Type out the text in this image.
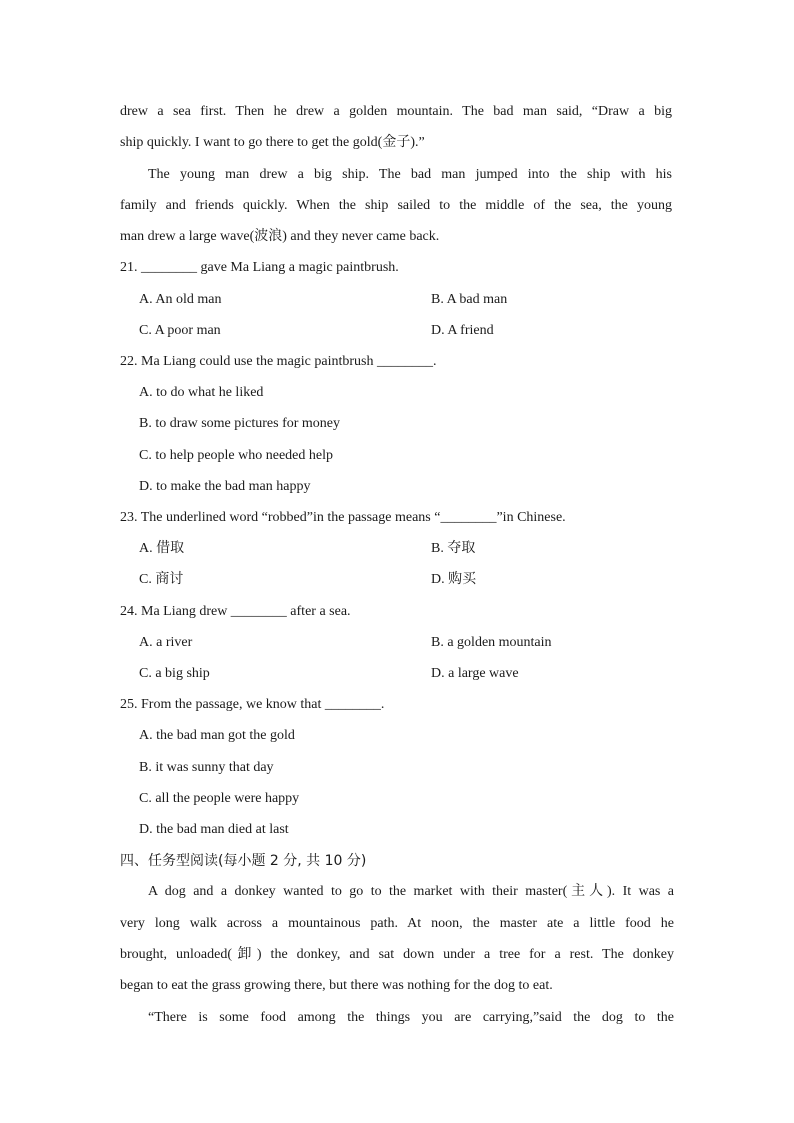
drew a sea first. Then he drew a golden mountain. The bad man said, “Draw a big
ship quickly. I want to go there to get the gold(金子).”
The young man drew a big ship. The bad man jumped into the ship with his
family and friends quickly. When the ship sailed to the middle of the sea, the young
man drew a large wave(波浪) and they never came back.
21. ________ gave Ma Liang a magic paintbrush.
A. An old man	B. A bad man
C. A poor man	D. A friend
22. Ma Liang could use the magic paintbrush ________.
A. to do what he liked
B. to draw some pictures for money
C. to help people who needed help
D. to make the bad man happy
23. The underlined word “robbed”in the passage means “________”in Chinese.
A. 借取	B. 夺取
C. 商讨	D. 购买
24. Ma Liang drew ________ after a sea.
A. a river	B. a golden mountain
C. a big ship	D. a large wave
25. From the passage, we know that ________.
A. the bad man got the gold
B. it was sunny that day
C. all the people were happy
D. the bad man died at last
四、任务型阅读(每小题 2 分, 共 10 分)
A dog and a donkey wanted to go to the market with their master(主人). It was a
very long walk across a mountainous path. At noon, the master ate a little food he
brought, unloaded(卸) the donkey, and sat down under a tree for a rest. The donkey
began to eat the grass growing there, but there was nothing for the dog to eat.
“There is some food among the things you are carrying,”said the dog to the
